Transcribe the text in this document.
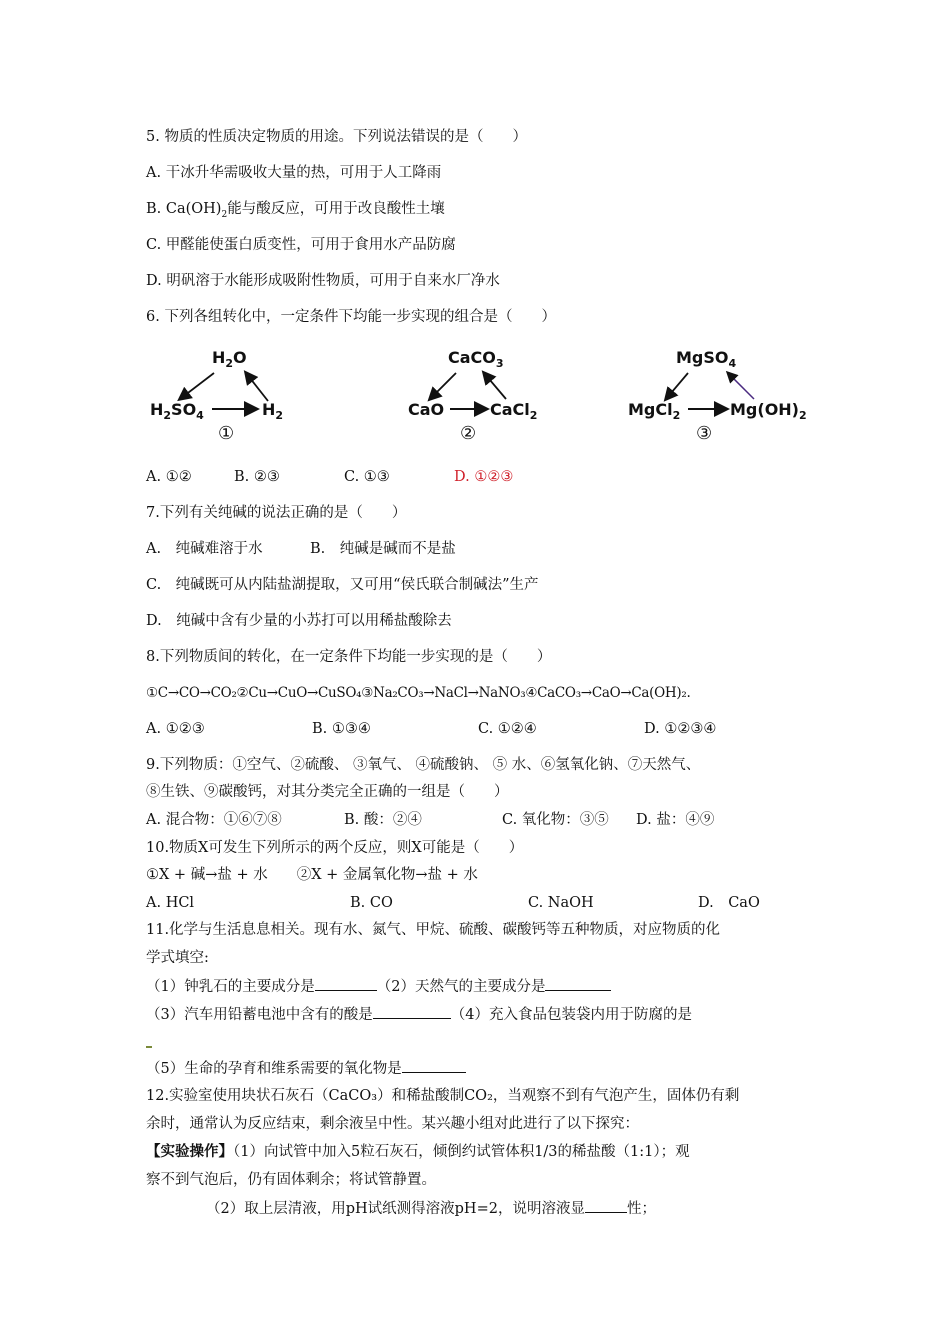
5. 物质的性质决定物质的用途。下列说法错误的是（　　）
A. 干冰升华需吸收大量的热，可用于人工降雨
B. $Ca(OH)_2$能与酸反应，可用于改良酸性土壤
C. 甲醛能使蛋白质变性，可用于食用水产品防腐
D. 明矾溶于水能形成吸附性物质，可用于自来水厂净水
6. 下列各组转化中，一定条件下均能一步实现的组合是（　　）
$H_2O$
$H_2SO_4$	$H_2$
①
CaCO$_3$
CaO	CaCl$_2$
②
MgSO$_4$
MgCl$_2$	$Mg(OH)_2$
③
A. ①②	B. ②③	C. ①③	D. ①②③
7.下列有关纯碱的说法正确的是（　　）
A.　纯碱难溶于水	B.　纯碱是碱而不是盐
C.　纯碱既可从内陆盐湖提取，又可用“侯氏联合制碱法”生产
D.　纯碱中含有少量的小苏打可以用稀盐酸除去
8.下列物质间的转化，在一定条件下均能一步实现的是（　　）
①C→CO→CO₂②Cu→CuO→CuSO₄③Na₂CO₃→NaCl→NaNO₃④CaCO₃→CaO→Ca(OH)₂.
A. ①②③	B. ①③④	C. ①②④	D. ①②③④
9.下列物质：①空气、②硫酸、 ③氧气、 ④硫酸钠、 ⑤ 水、⑥氢氧化钠、⑦天然气、
⑧生铁、⑨碳酸钙，对其分类完全正确的一组是（　　）
A. 混合物：①⑥⑦⑧	B. 酸：②④	C. 氧化物：③⑤ D. 盐：④⑨
10.物质X可发生下列所示的两个反应，则X可能是（　　）
①X + 碱→盐 + 水　　②X + 金属氧化物→盐 + 水
A. HCl	B. CO	C. NaOH	D.　CaO
11.化学与生活息息相关。现有水、氮气、甲烷、硫酸、碳酸钙等五种物质，对应物质的化
学式填空:
（1）钟乳石的主要成分是	（2）天然气的主要成分是
（3）汽车用铅蓄电池中含有的酸是	（4）充入食品包装袋内用于防腐的是
（5）生命的孕育和维系需要的氧化物是
12.实验室使用块状石灰石（CaCO₃）和稀盐酸制CO₂，当观察不到有气泡产生，固体仍有剩
余时，通常认为反应结束，剩余液呈中性。某兴趣小组对此进行了以下探究：
【实验操作】（1）向试管中加入5粒石灰石，倾倒约试管体积1/3的稀盐酸（1:1）；观
察不到气泡后，仍有固体剩余；将试管静置。
（2）取上层清液，用pH试纸测得溶液pH=2，说明溶液显	性；
